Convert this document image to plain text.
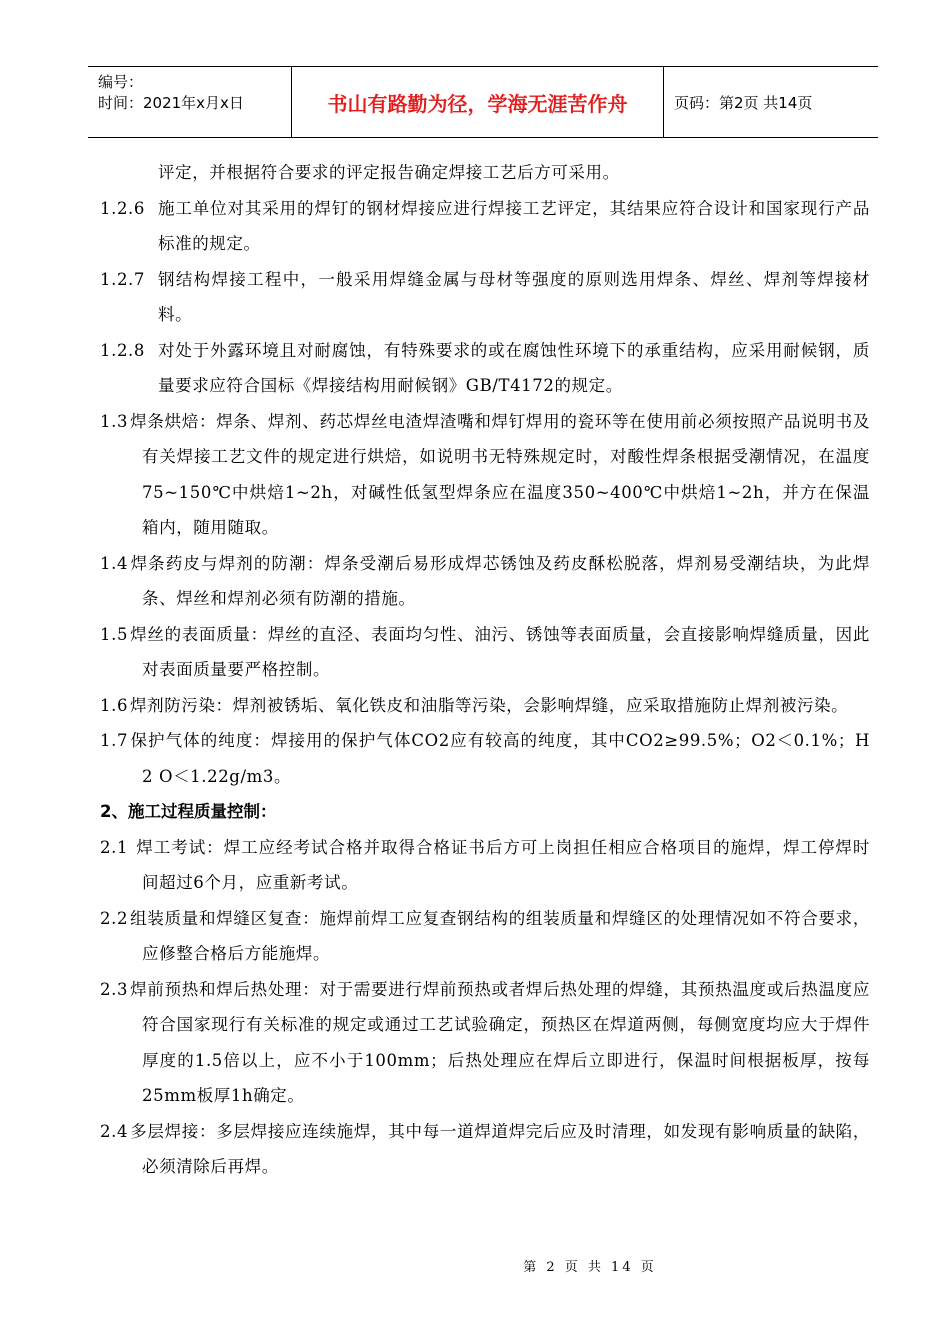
编号：
时间：2021年x月x日	书山有路勤为径，学海无涯苦作舟	页码：第2页 共14页
评定，并根据符合要求的评定报告确定焊接工艺后方可采用。
1.2.6 施工单位对其采用的焊钉的钢材焊接应进行焊接工艺评定，其结果应符合设计和国家现行产品标准的规定。
1.2.7 钢结构焊接工程中，一般采用焊缝金属与母材等强度的原则选用焊条、焊丝、焊剂等焊接材料。
1.2.8 对处于外露环境且对耐腐蚀，有特殊要求的或在腐蚀性环境下的承重结构，应采用耐候钢，质量要求应符合国标《焊接结构用耐候钢》GB/T4172的规定。
1.3 焊条烘焙：焊条、焊剂、药芯焊丝电渣焊渣嘴和焊钉焊用的瓷环等在使用前必须按照产品说明书及有关焊接工艺文件的规定进行烘焙，如说明书无特殊规定时，对酸性焊条根据受潮情况，在温度75~150℃中烘焙1~2h，对碱性低氢型焊条应在温度350~400℃中烘焙1~2h，并方在保温箱内，随用随取。
1.4 焊条药皮与焊剂的防潮：焊条受潮后易形成焊芯锈蚀及药皮酥松脱落，焊剂易受潮结块，为此焊条、焊丝和焊剂必须有防潮的措施。
1.5 焊丝的表面质量：焊丝的直泾、表面均匀性、油污、锈蚀等表面质量，会直接影响焊缝质量，因此对表面质量要严格控制。
1.6 焊剂防污染：焊剂被锈垢、氧化铁皮和油脂等污染，会影响焊缝，应采取措施防止焊剂被污染。
1.7 保护气体的纯度：焊接用的保护气体CO2应有较高的纯度，其中CO2≥99.5%；O2＜0.1%；H 2 O＜1.22g/m3。
2、施工过程质量控制：
2.1 焊工考试：焊工应经考试合格并取得合格证书后方可上岗担任相应合格项目的施焊，焊工停焊时间超过6个月，应重新考试。
2.2 组装质量和焊缝区复查：施焊前焊工应复查钢结构的组装质量和焊缝区的处理情况如不符合要求，应修整合格后方能施焊。
2.3 焊前预热和焊后热处理：对于需要进行焊前预热或者焊后热处理的焊缝，其预热温度或后热温度应符合国家现行有关标准的规定或通过工艺试验确定，预热区在焊道两侧，每侧宽度均应大于焊件厚度的1.5倍以上，应不小于100mm；后热处理应在焊后立即进行，保温时间根据板厚，按每25mm板厚1h确定。
2.4 多层焊接：多层焊接应连续施焊，其中每一道焊道焊完后应及时清理，如发现有影响质量的缺陷，必须清除后再焊。
第 2 页 共 14 页
